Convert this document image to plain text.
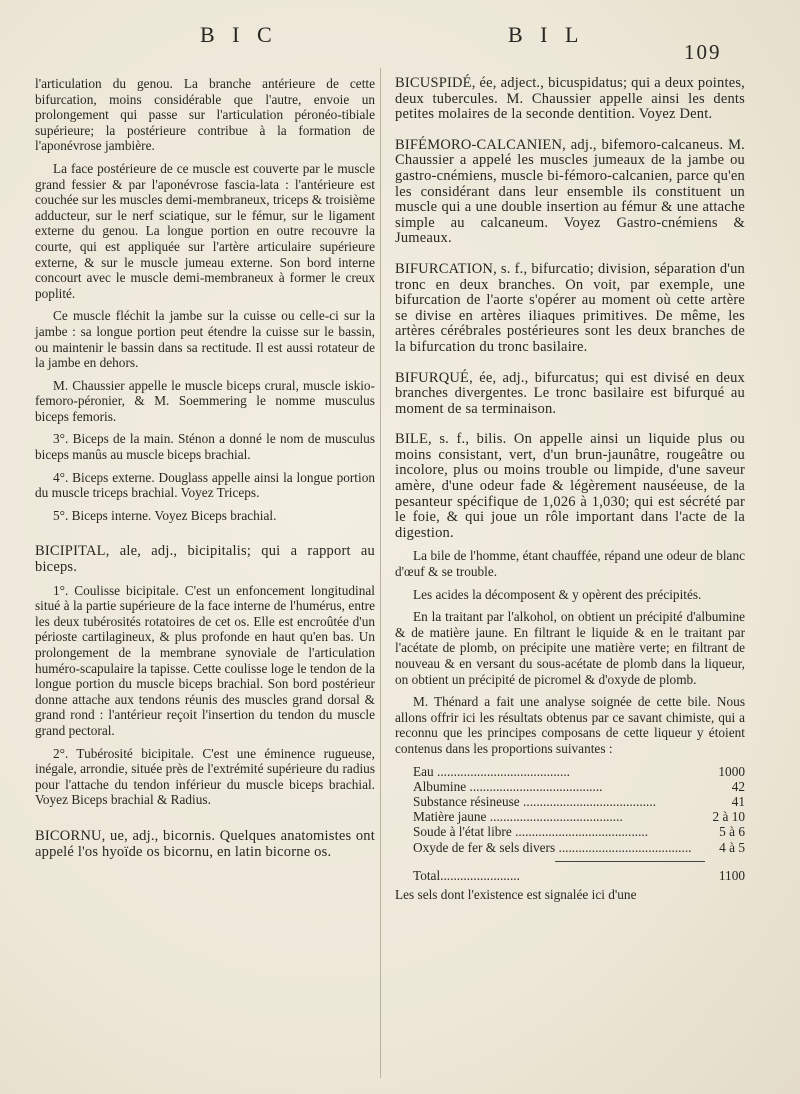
B I C	B I L
109

l'articulation du genou. La branche antérieure de cette bifurcation, moins considérable que l'autre, envoie un prolongement qui passe sur l'articulation péronéo-tibiale supérieure; la postérieure contribue à la formation de l'aponévrose jambière.

La face postérieure de ce muscle est couverte par le muscle grand fessier & par l'aponévrose fascia-lata : l'antérieure est couchée sur les muscles demi-membraneux, triceps & troisième adducteur, sur le nerf sciatique, sur le fémur, sur le ligament externe du genou. La longue portion en outre recouvre la courte, qui est appliquée sur l'artère articulaire supérieure externe, & sur le muscle jumeau externe. Son bord interne concourt avec le muscle demi-membraneux à former le creux poplité.

Ce muscle fléchit la jambe sur la cuisse ou celle-ci sur la jambe : sa longue portion peut étendre la cuisse sur le bassin, ou maintenir le bassin dans sa rectitude. Il est aussi rotateur de la jambe en dehors.

M. Chaussier appelle le muscle biceps crural, muscle iskio-femoro-péronier, & M. Soemmering le nomme musculus biceps femoris.

3°. Biceps de la main. Sténon a donné le nom de musculus biceps manûs au muscle biceps brachial.

4°. Biceps externe. Douglass appelle ainsi la longue portion du muscle triceps brachial. Voyez Triceps.

5°. Biceps interne. Voyez Biceps brachial.

BICIPITAL, ale, adj., bicipitalis; qui a rapport au biceps.

1°. Coulisse bicipitale. C'est un enfoncement longitudinal situé à la partie supérieure de la face interne de l'humérus, entre les deux tubérosités rotatoires de cet os. Elle est encroûtée d'un périoste cartilagineux, & plus profonde en haut qu'en bas. Un prolongement de la membrane synoviale de l'articulation huméro-scapulaire la tapisse. Cette coulisse loge le tendon de la longue portion du muscle biceps brachial. Son bord postérieur donne attache aux tendons réunis des muscles grand dorsal & grand rond : l'antérieur reçoit l'insertion du tendon du muscle grand pectoral.

2°. Tubérosité bicipitale. C'est une éminence rugueuse, inégale, arrondie, située près de l'extrémité supérieure du radius pour l'attache du tendon inférieur du muscle biceps brachial. Voyez Biceps brachial & Radius.

BICORNU, ue, adj., bicornis. Quelques anatomistes ont appelé l'os hyoïde os bicornu, en latin bicorne os.

BICUSPIDÉ, ée, adject., bicuspidatus; qui a deux pointes, deux tubercules. M. Chaussier appelle ainsi les dents petites molaires de la seconde dentition. Voyez Dent.

BIFÉMORO-CALCANIEN, adj., bifemoro-calcaneus. M. Chaussier a appelé les muscles jumeaux de la jambe ou gastro-cnémiens, muscle bi-fémoro-calcanien, parce qu'en les considérant dans leur ensemble ils constituent un muscle qui a une double insertion au fémur & une attache simple au calcaneum. Voyez Gastro-cnémiens & Jumeaux.

BIFURCATION, s. f., bifurcatio; division, séparation d'un tronc en deux branches. On voit, par exemple, une bifurcation de l'aorte s'opérer au moment où cette artère se divise en artères iliaques primitives. De même, les artères cérébrales postérieures sont les deux branches de la bifurcation du tronc basilaire.

BIFURQUÉ, ée, adj., bifurcatus; qui est divisé en deux branches divergentes. Le tronc basilaire est bifurqué au moment de sa terminaison.

BILE, s. f., bilis. On appelle ainsi un liquide plus ou moins consistant, vert, d'un brun-jaunâtre, rougeâtre ou incolore, plus ou moins trouble ou limpide, d'une saveur amère, d'une odeur fade & légèrement nauséeuse, de la pesanteur spécifique de 1,026 à 1,030; qui est sécrété par le foie, & qui joue un rôle important dans l'acte de la digestion.

La bile de l'homme, étant chauffée, répand une odeur de blanc d'œuf & se trouble.

Les acides la décomposent & y opèrent des précipités.

En la traitant par l'alkohol, on obtient un précipité d'albumine & de matière jaune. En filtrant le liquide & en le traitant par l'acétate de plomb, on précipite une matière verte; en filtrant de nouveau & en versant du sous-acétate de plomb dans la liqueur, on obtient un précipité de picromel & d'oxyde de plomb.

M. Thénard a fait une analyse soignée de cette bile. Nous allons offrir ici les résultats obtenus par ce savant chimiste, qui a reconnu que les principes composans de cette liqueur y étoient contenus dans les proportions suivantes :

Eau ........................................	1000
Albumine ........................................	42
Substance résineuse ........................................	41
Matière jaune ........................................	2 à 10
Soude à l'état libre ........................................	5 à 6
Oxyde de fer & sels divers ........................................	4 à 5
Total........................	1100

Les sels dont l'existence est signalée ici d'une
